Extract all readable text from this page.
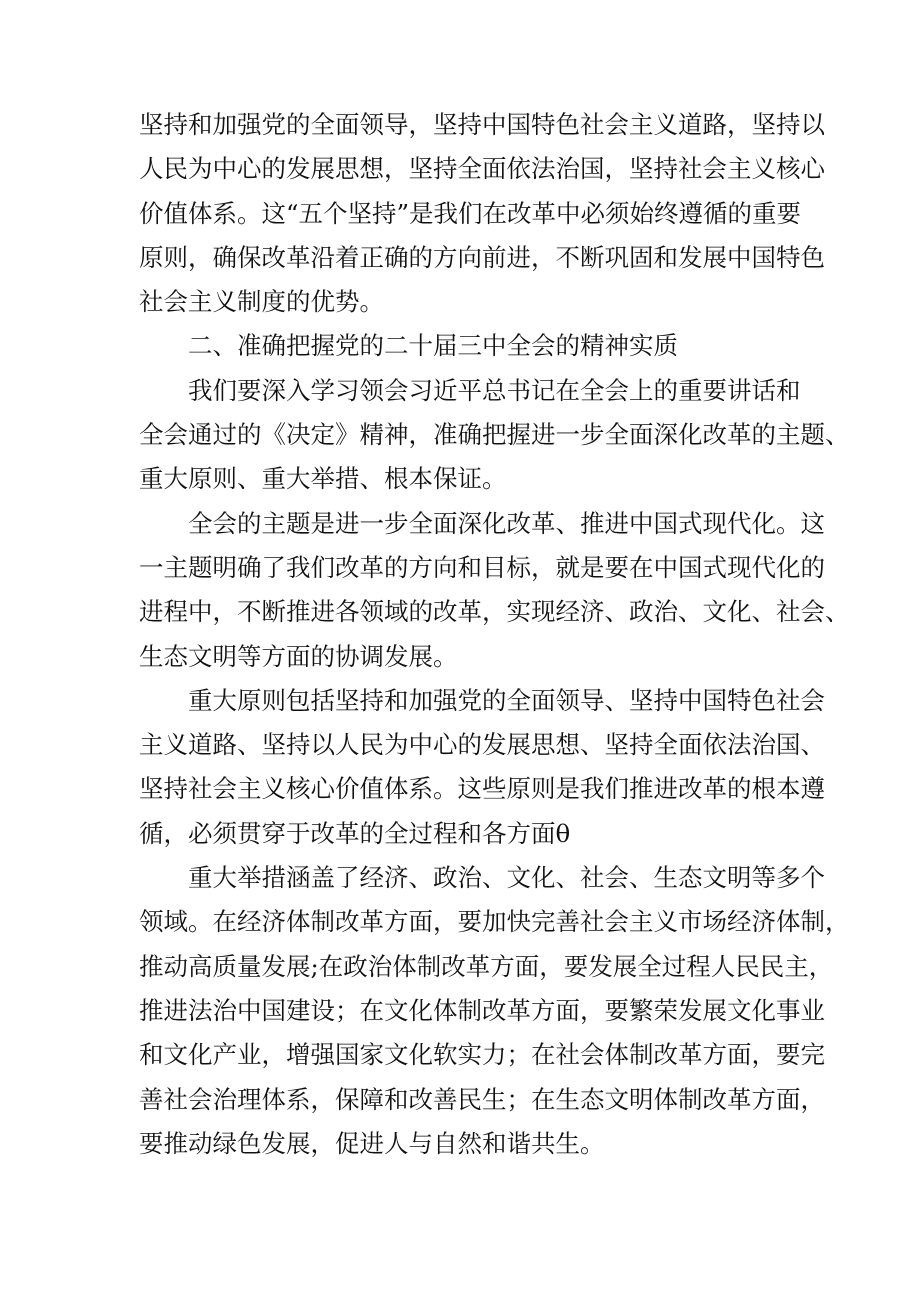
坚持和加强党的全面领导，坚持中国特色社会主义道路，坚持以
人民为中心的发展思想，坚持全面依法治国，坚持社会主义核心
价值体系。这“五个坚持”是我们在改革中必须始终遵循的重要
原则，确保改革沿着正确的方向前进，不断巩固和发展中国特色
社会主义制度的优势。
二、准确把握党的二十届三中全会的精神实质
我们要深入学习领会习近平总书记在全会上的重要讲话和
全会通过的《决定》精神，准确把握进一步全面深化改革的主题、
重大原则、重大举措、根本保证。
全会的主题是进一步全面深化改革、推进中国式现代化。这
一主题明确了我们改革的方向和目标，就是要在中国式现代化的
进程中，不断推进各领域的改革，实现经济、政治、文化、社会、
生态文明等方面的协调发展。
重大原则包括坚持和加强党的全面领导、坚持中国特色社会
主义道路、坚持以人民为中心的发展思想、坚持全面依法治国、
坚持社会主义核心价值体系。这些原则是我们推进改革的根本遵
循，必须贯穿于改革的全过程和各方面θ
重大举措涵盖了经济、政治、文化、社会、生态文明等多个
领域。在经济体制改革方面，要加快完善社会主义市场经济体制，
推动高质量发展;在政治体制改革方面，要发展全过程人民民主，
推进法治中国建设；在文化体制改革方面，要繁荣发展文化事业
和文化产业，增强国家文化软实力；在社会体制改革方面，要完
善社会治理体系，保障和改善民生；在生态文明体制改革方面，
要推动绿色发展，促进人与自然和谐共生。
